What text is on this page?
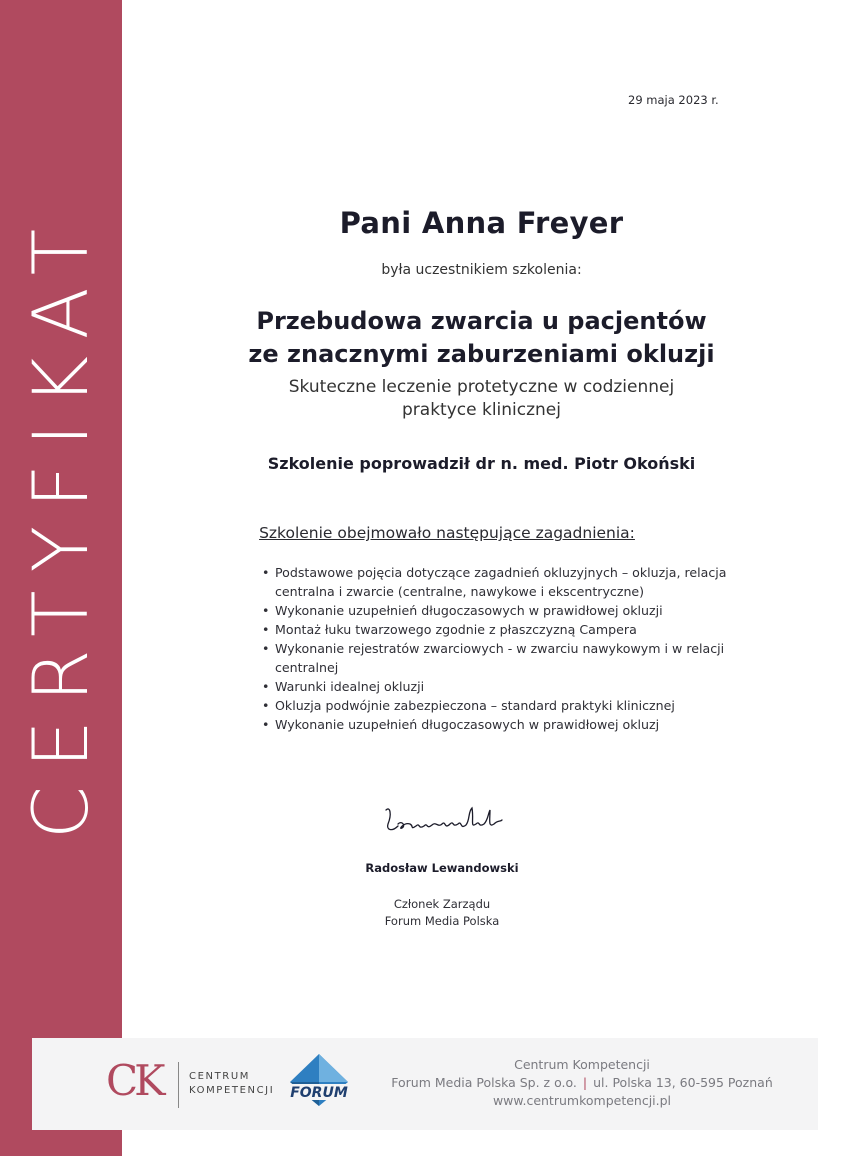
CERTYFIKAT
29 maja 2023 r.
Pani Anna Freyer
była uczestnikiem szkolenia:
Przebudowa zwarcia u pacjentów
ze znacznymi zaburzeniami okluzji
Skuteczne leczenie protetyczne w codziennej
praktyce klinicznej
Szkolenie poprowadził dr n. med. Piotr Okoński
Szkolenie obejmowało następujące zagadnienia:
• Podstawowe pojęcia dotyczące zagadnień okluzyjnych – okluzja, relacja centralna i zwarcie (centralne, nawykowe i ekscentryczne)
• Wykonanie uzupełnień długoczasowych w prawidłowej okluzji
• Montaż łuku twarzowego zgodnie z płaszczyzną Campera
• Wykonanie rejestratów zwarciowych - w zwarciu nawykowym i w relacji centralnej
• Warunki idealnej okluzji
• Okluzja podwójnie zabezpieczona – standard praktyki klinicznej
• Wykonanie uzupełnień długoczasowych w prawidłowej okluzj
Radosław Lewandowski
Członek Zarządu
Forum Media Polska
CK	CENTRUM
KOMPETENCJI FORUM
Centrum Kompetencji
Forum Media Polska Sp. z o.o. | ul. Polska 13, 60-595 Poznań
www.centrumkompetencji.pl
